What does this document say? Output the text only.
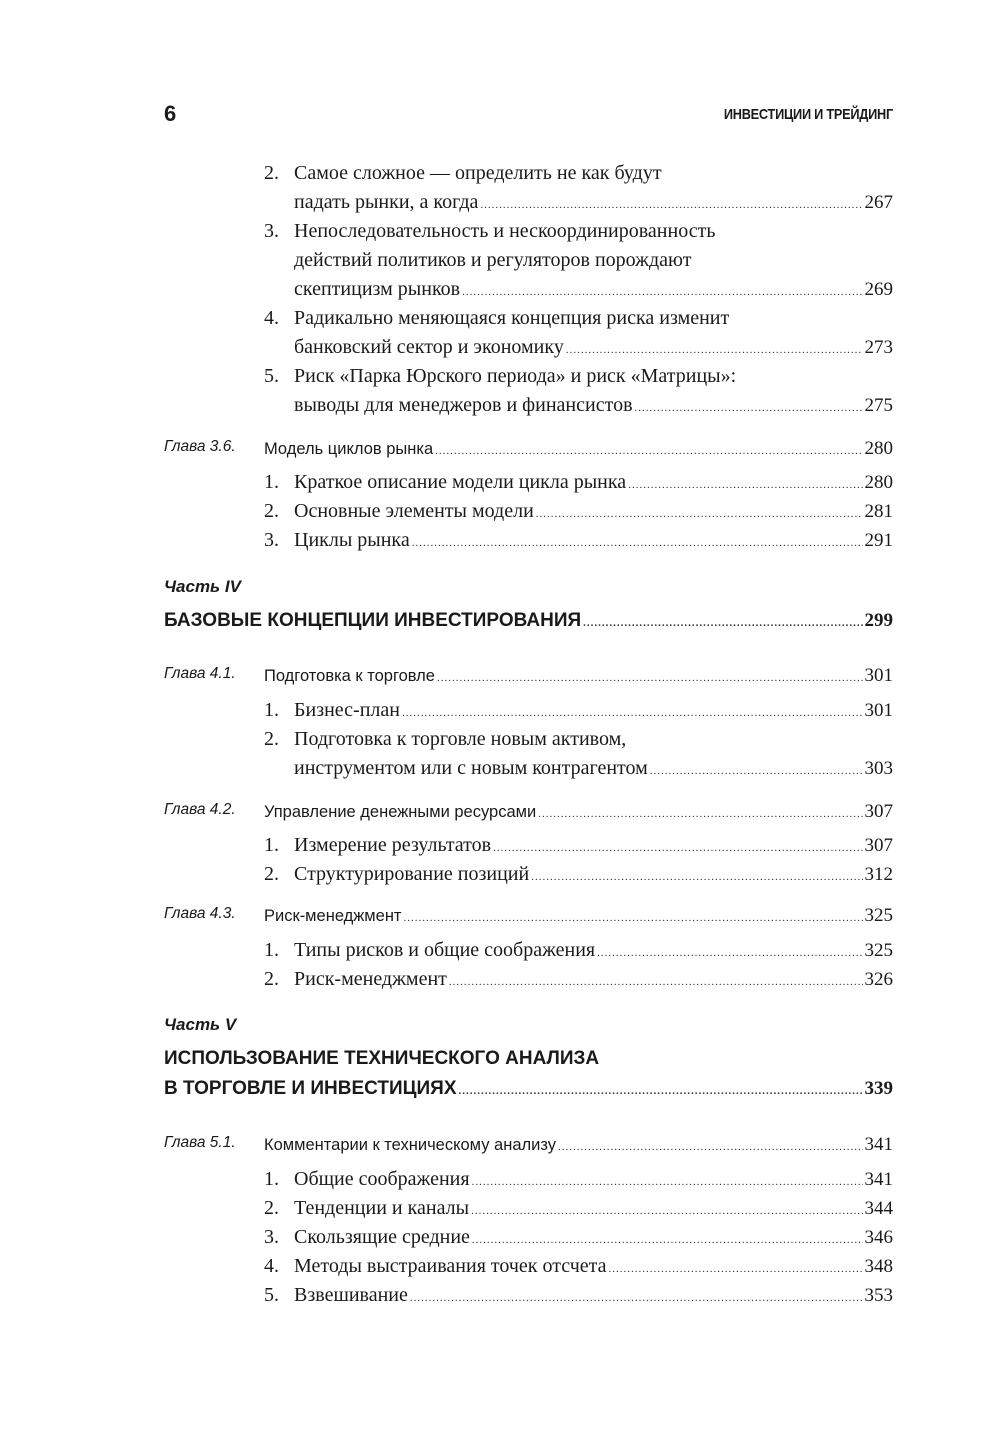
6	ИНВЕСТИЦИИ И ТРЕЙДИНГ
2. Самое сложное — определить не как будут
падать рынки, а когда .....	267
3. Непоследовательность и нескоординированность
действий политиков и регуляторов порождают
скептицизм рынков .....	269
4. Радикально меняющаяся концепция риска изменит
банковский сектор и экономику .....	273
5. Риск «Парка Юрского периода» и риск «Матрицы»:
выводы для менеджеров и финансистов .....	275
Глава 3.6. Модель циклов рынка .....	280
1. Краткое описание модели цикла рынка .....	280
2. Основные элементы модели .....	281
3. Циклы рынка .....	291
Часть IV
БАЗОВЫЕ КОНЦЕПЦИИ ИНВЕСТИРОВАНИЯ .....	299
Глава 4.1. Подготовка к торговле .....	301
1. Бизнес-план .....	301
2. Подготовка к торговле новым активом,
инструментом или с новым контрагентом .....	303
Глава 4.2. Управление денежными ресурсами .....	307
1. Измерение результатов .....	307
2. Структурирование позиций .....	312
Глава 4.3. Риск-менеджмент .....	325
1. Типы рисков и общие соображения .....	325
2. Риск-менеджмент .....	326
Часть V
ИСПОЛЬЗОВАНИЕ ТЕХНИЧЕСКОГО АНАЛИЗА
В ТОРГОВЛЕ И ИНВЕСТИЦИЯХ .....	339
Глава 5.1. Комментарии к техническому анализу .....	341
1. Общие соображения .....	341
2. Тенденции и каналы .....	344
3. Скользящие средние .....	346
4. Методы выстраивания точек отсчета .....	348
5. Взвешивание .....	353
